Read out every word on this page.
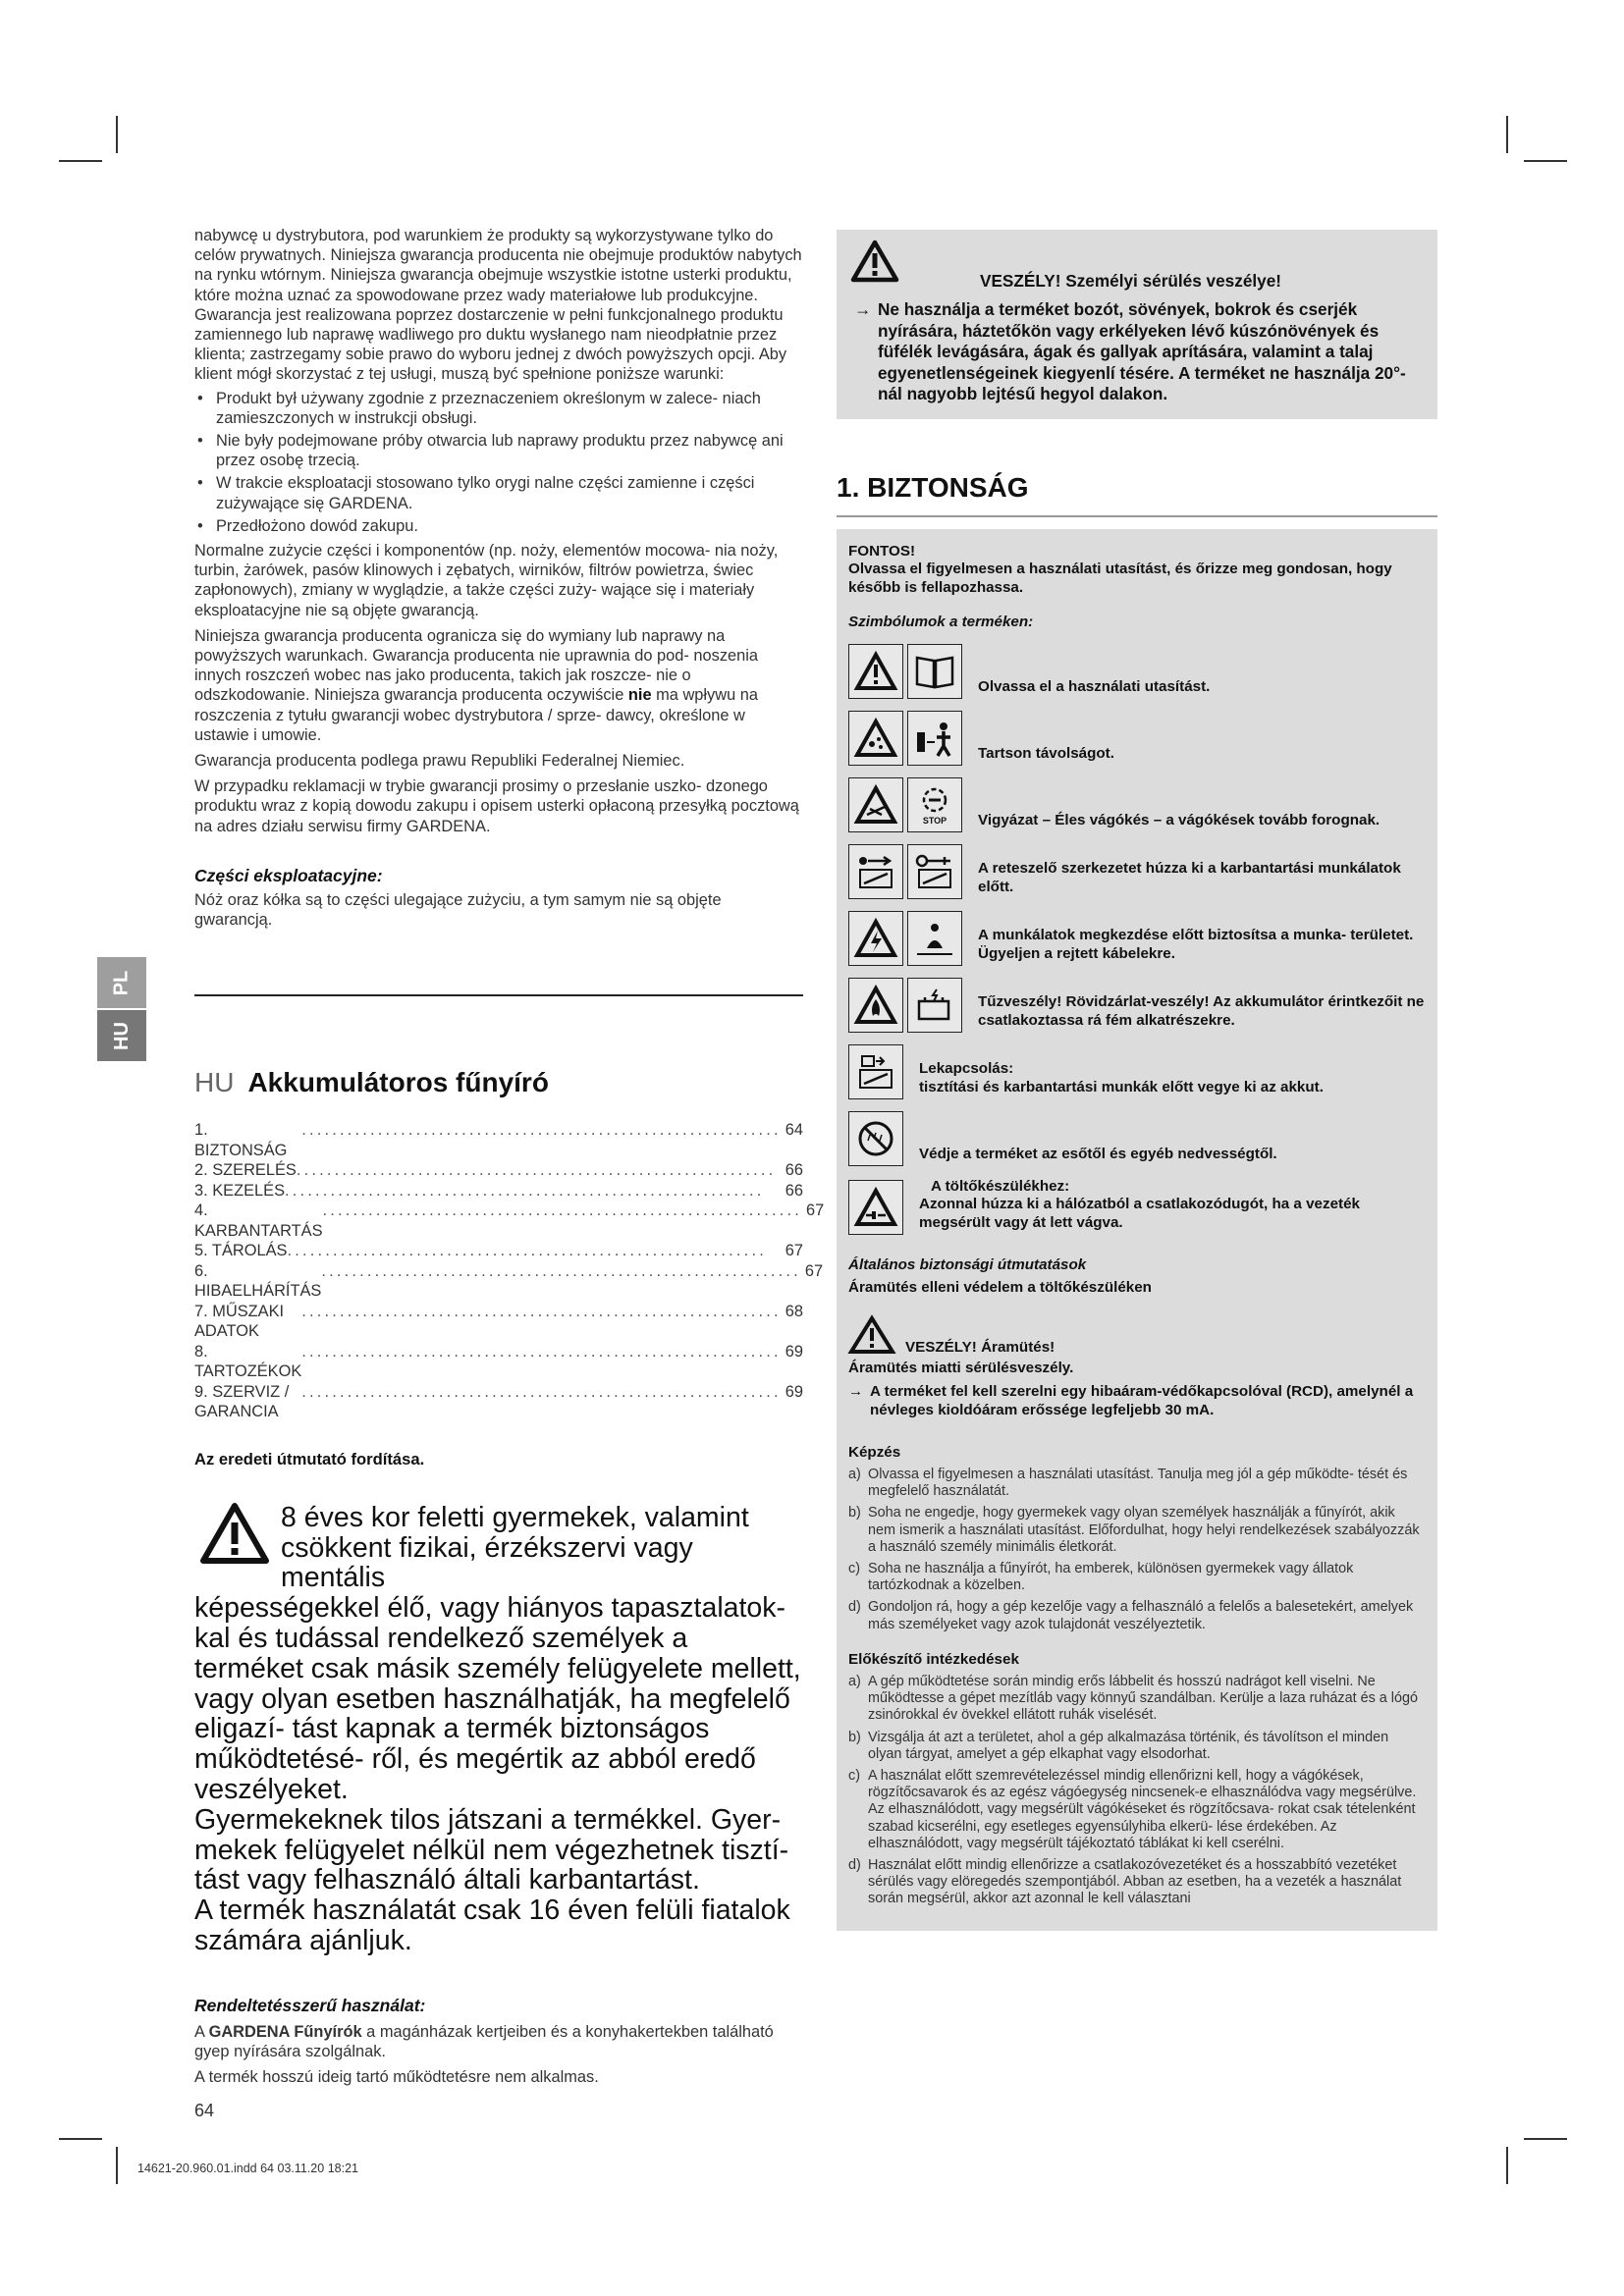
PL
HU

nabywcę u dystrybutora, pod warunkiem że produkty są wykorzystywane tylko do celów prywatnych. Niniejsza gwarancja producenta nie obejmuje produktów nabytych na rynku wtórnym. Niniejsza gwarancja obejmuje wszystkie istotne usterki produktu, które można uznać za spowodowane przez wady materiałowe lub produkcyjne. Gwarancja jest realizowana poprzez dostarczenie w pełni funkcjonalnego produktu zamiennego lub naprawę wadliwego pro duktu wysłanego nam nieodpłatnie przez klienta; zastrzegamy sobie prawo do wyboru jednej z dwóch powyższych opcji. Aby klient mógł skorzystać z tej usługi, muszą być spełnione poniższe warunki:

• Produkt był używany zgodnie z przeznaczeniem określonym w zalece- niach zamieszczonych w instrukcji obsługi.
• Nie były podejmowane próby otwarcia lub naprawy produktu przez nabywcę ani przez osobę trzecią.
• W trakcie eksploatacji stosowano tylko orygi nalne części zamienne i części zużywające się GARDENA.
• Przedłożono dowód zakupu.

Normalne zużycie części i komponentów (np. noży, elementów mocowa- nia noży, turbin, żarówek, pasów klinowych i zębatych, wirników, filtrów powietrza, świec zapłonowych), zmiany w wyglądzie, a także części zuży- wające się i materiały eksploatacyjne nie są objęte gwarancją.

Niniejsza gwarancja producenta ogranicza się do wymiany lub naprawy na powyższych warunkach. Gwarancja producenta nie uprawnia do pod- noszenia innych roszczeń wobec nas jako producenta, takich jak roszcze- nie o odszkodowanie. Niniejsza gwarancja producenta oczywiście nie ma wpływu na roszczenia z tytułu gwarancji wobec dystrybutora / sprze- dawcy, określone w ustawie i umowie.

Gwarancja producenta podlega prawu Republiki Federalnej Niemiec.

W przypadku reklamacji w trybie gwarancji prosimy o przesłanie uszko- dzonego produktu wraz z kopią dowodu zakupu i opisem usterki opłaconą przesyłką pocztową na adres działu serwisu firmy GARDENA.

Części eksploatacyjne:

Nóż oraz kółka są to części ulegające zużyciu, a tym samym nie są objęte gwarancją.

HU Akkumulátoros fűnyíró
1. BIZTONSÁG
............................................................... 64
2. SZERELÉS ............................................................... 66
3. KEZELÉS ...............................................................	66
4. KARBANTARTÁS
............................................................... 67
5. TÁROLÁS ...............................................................	67
6. HIBAELHÁRÍTÁS
............................................................... 67
7. MŰSZAKI ADATOK
............................................................... 68
8. TARTOZÉKOK
............................................................... 69
9. SZERVIZ / GARANCIA
............................................................... 69
Az eredeti útmutató fordítása.
8 éves kor feletti gyermekek, valamint csökkent fizikai, érzékszervi vagy mentális
képességekkel élő, vagy hiányos tapasztalatok- kal és tudással rendelkező személyek a terméket csak másik személy felügyelete mellett, vagy olyan esetben használhatják, ha megfelelő eligazí- tást kapnak a termék biztonságos működtetésé- ről, és megértik az abból eredő veszélyeket.
Gyermekeknek tilos játszani a termékkel. Gyer- mekek felügyelet nélkül nem végezhetnek tisztí- tást vagy felhasználó általi karbantartást.
A termék használatát csak 16 éven felüli fiatalok számára ajánljuk.
Rendeltetésszerű használat:

A GARDENA Fűnyírók a magánházak kertjeiben és a konyhakertekben található gyep nyírására szolgálnak.

A termék hosszú ideig tartó működtetésre nem alkalmas.

VESZÉLY! Személyi sérülés veszélye!
→ Ne használja a terméket bozót, sövények, bokrok és cserjék nyírására, háztetőkön vagy erkélyeken lévő kúszónövények és füfélék levágására, ágak és gallyak aprítására, valamint a talaj egyenetlenségeinek kiegyenlí tésére. A terméket ne használja 20°-nál nagyobb lejtésű hegyol dalakon.
1. BIZTONSÁG
FONTOS!
Olvassa el figyelmesen a használati utasítást, és őrizze meg gondosan, hogy később is fellapozhassa.
Szimbólumok a terméken:
Olvassa el a használati utasítást.
Tartson távolságot.
STOP	Vigyázat – Éles vágókés – a vágókések tovább forognak.
A reteszelő szerkezetet húzza ki a karbantartási munkálatok előtt.
A munkálatok megkezdése előtt biztosítsa a munka- területet. Ügyeljen a rejtett kábelekre.
Tűzveszély! Rövidzárlat-veszély! Az akkumulátor érintkezőit ne csatlakoztassa rá fém alkatrészekre.
Lekapcsolás:
tisztítási és karbantartási munkák előtt vegye ki az akkut.
Védje a terméket az esőtől és egyéb nedvességtől.
A töltőkészülékhez:
Azonnal húzza ki a hálózatból a csatlakozódugót, ha a vezeték megsérült vagy át lett vágva.
Általános biztonsági útmutatások
Áramütés elleni védelem a töltőkészüléken
VESZÉLY! Áramütés!
Áramütés miatti sérülésveszély.
→ A terméket fel kell szerelni egy hibaáram-védőkapcsolóval (RCD), amelynél a névleges kioldóáram erőssége legfeljebb 30 mA.
Képzés
a) Olvassa el figyelmesen a használati utasítást. Tanulja meg jól a gép működte- tését és megfelelő használatát.
b) Soha ne engedje, hogy gyermekek vagy olyan személyek használják a fűnyírót, akik nem ismerik a használati utasítást. Előfordulhat, hogy helyi rendelkezések szabályozzák a használó személy minimális életkorát.
c) Soha ne használja a fűnyírót, ha emberek, különösen gyermekek vagy állatok tartózkodnak a közelben.
d) Gondoljon rá, hogy a gép kezelője vagy a felhasználó a felelős a balesetekért, amelyek más személyeket vagy azok tulajdonát veszélyeztetik.
Előkészítő intézkedések
a) A gép működtetése során mindig erős lábbelit és hosszú nadrágot kell viselni. Ne működtesse a gépet mezítláb vagy könnyű szandálban. Kerülje a laza ruházat és a lógó zsinórokkal év övekkel ellátott ruhák viselését.
b) Vizsgálja át azt a területet, ahol a gép alkalmazása történik, és távolítson el minden olyan tárgyat, amelyet a gép elkaphat vagy elsodorhat.
c) A használat előtt szemrevételezéssel mindig ellenőrizni kell, hogy a vágókések, rögzítőcsavarok és az egész vágóegység nincsenek-e elhasználódva vagy megsérülve. Az elhasználódott, vagy megsérült vágókéseket és rögzítőcsava- rokat csak tételenként szabad kicserélni, egy esetleges egyensúlyhiba elkerü- lése érdekében. Az elhasználódott, vagy megsérült tájékoztató táblákat ki kell cserélni.
d) Használat előtt mindig ellenőrizze a csatlakozóvezetéket és a hosszabbító vezetéket sérülés vagy elöregedés szempontjából. Abban az esetben, ha a vezeték a használat során megsérül, akkor azt azonnal le kell választani
64
14621-20.960.01.indd 64 03.11.20 18:21
